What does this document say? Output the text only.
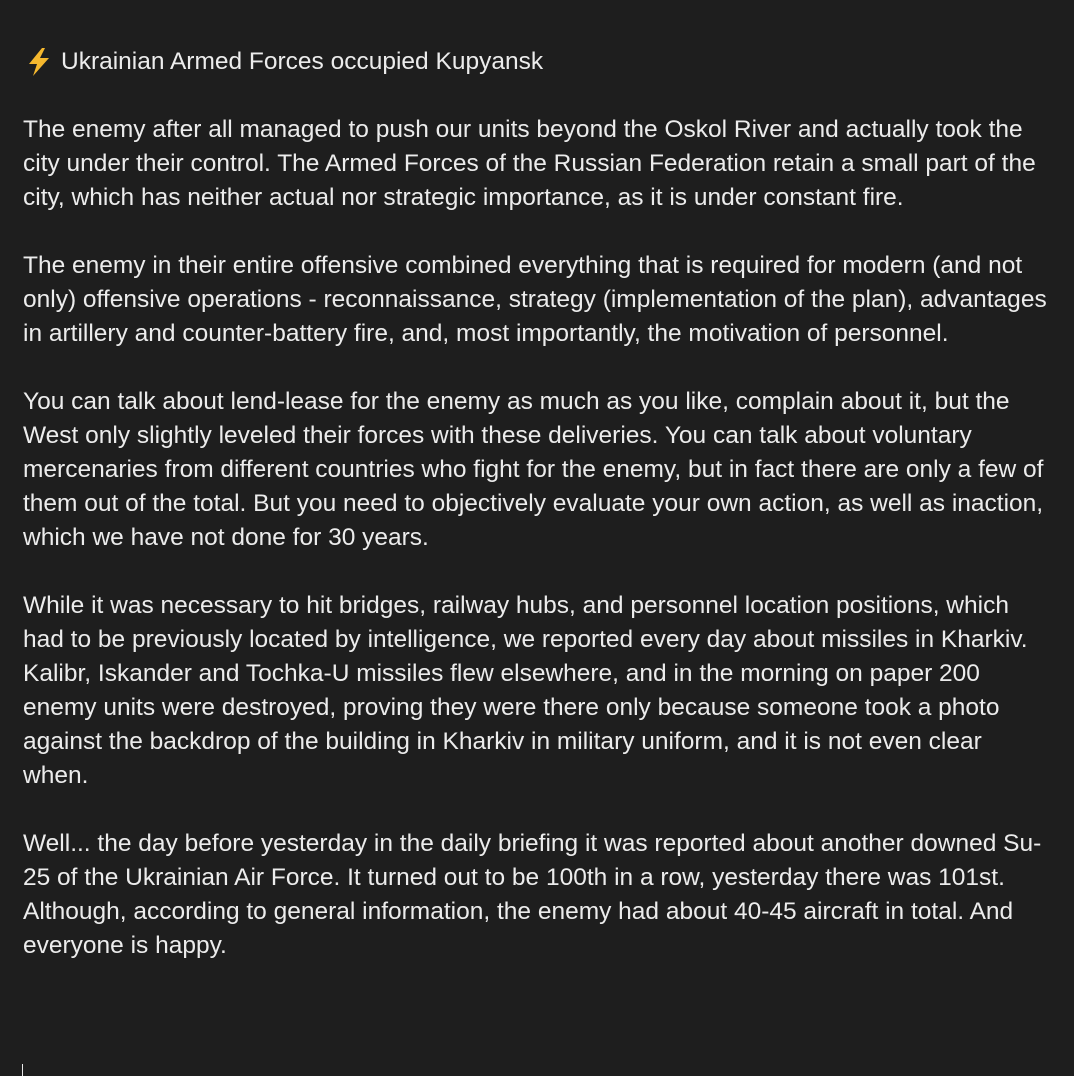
Ukrainian Armed Forces occupied Kupyansk

The enemy after all managed to push our units beyond the Oskol River and actually took the city under their control. The Armed Forces of the Russian Federation retain a small part of the city, which has neither actual nor strategic importance, as it is under constant fire.

The enemy in their entire offensive combined everything that is required for modern (and not only) offensive operations - reconnaissance, strategy (implementation of the plan), advantages in artillery and counter-battery fire, and, most importantly, the motivation of personnel.

You can talk about lend-lease for the enemy as much as you like, complain about it, but the West only slightly leveled their forces with these deliveries. You can talk about voluntary mercenaries from different countries who fight for the enemy, but in fact there are only a few of them out of the total. But you need to objectively evaluate your own action, as well as inaction, which we have not done for 30 years.

While it was necessary to hit bridges, railway hubs, and personnel location positions, which had to be previously located by intelligence, we reported every day about missiles in Kharkiv. Kalibr, Iskander and Tochka-U missiles flew elsewhere, and in the morning on paper 200 enemy units were destroyed, proving they were there only because someone took a photo against the backdrop of the building in Kharkiv in military uniform, and it is not even clear when.

Well... the day before yesterday in the daily briefing it was reported about another downed Su-25 of the Ukrainian Air Force. It turned out to be 100th in a row, yesterday there was 101st. Although, according to general information, the enemy had about 40-45 aircraft in total. And everyone is happy.
